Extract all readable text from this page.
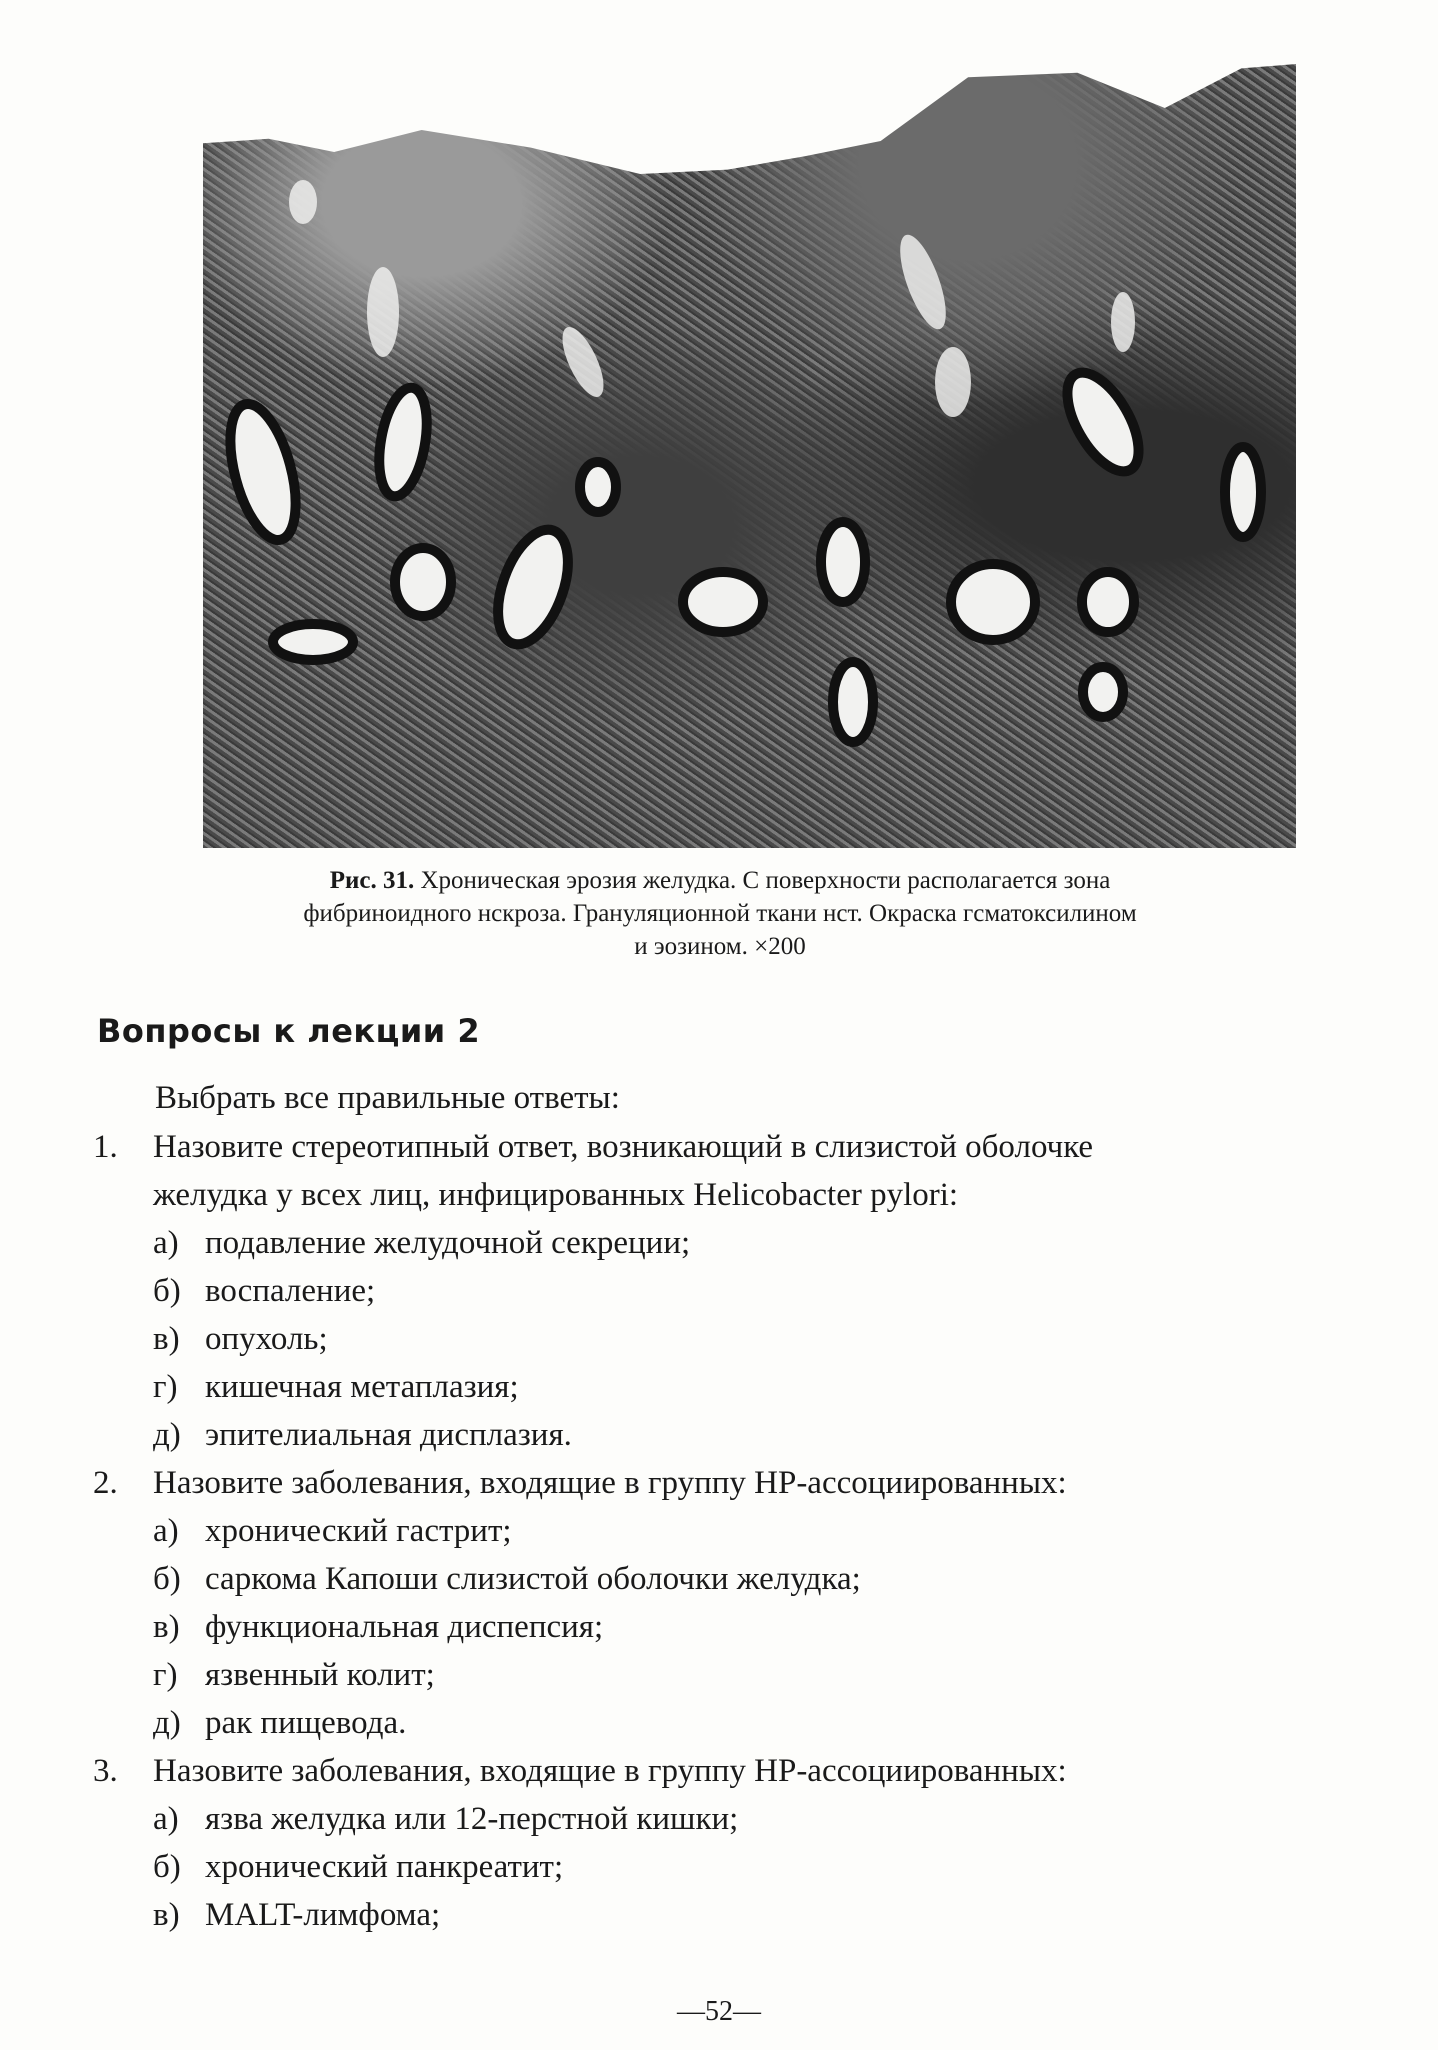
Рис. 31. Хроническая эрозия желудка. С поверхности располагается зона
фибриноидного нскроза. Грануляционной ткани нст. Окраска гсматоксилином
и эозином. ×200
Вопросы к лекции 2
Выбрать все правильные ответы:
1.	Назовите стереотипный ответ, возникающий в слизистой оболочке
желудка у всех лиц, инфицированных Helicobacter pylori:
а) подавление желудочной секреции;
б) воспаление;
в) опухоль;
г) кишечная метаплазия;
д) эпителиальная дисплазия.
2.	Назовите заболевания, входящие в группу НР-ассоциированных:
а) хронический гастрит;
б) саркома Капоши слизистой оболочки желудка;
в) функциональная диспепсия;
г) язвенный колит;
д) рак пищевода.
3.	Назовите заболевания, входящие в группу НР-ассоциированных:
а) язва желудка или 12-перстной кишки;
б) хронический панкреатит;
в) MALT-лимфома;
—52—
